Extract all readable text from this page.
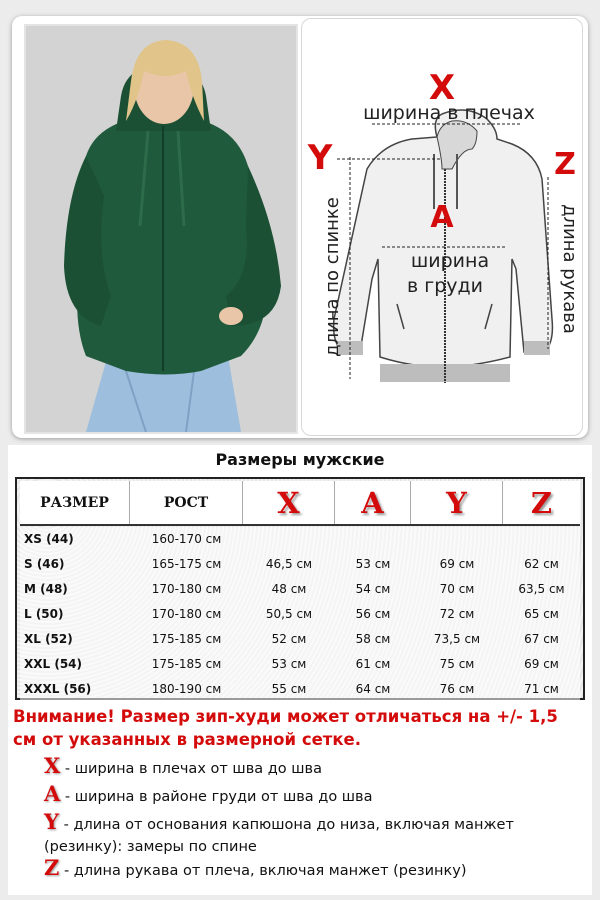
X
Y	Z
A
ширина в плечах
ширина
в груди
длина по спинке	длина рукава
Размеры мужские
РАЗМЕР	РОСТ	X	A	Y	Z
XS (44)	160-170 см
S (46)	165-175 см	46,5 см	53 см	69 см	62 см
M (48)	170-180 см	48 см	54 см	70 см	63,5 см
L (50)	170-180 см	50,5 см	56 см	72 см	65 см
XL (52)	175-185 см	52 см	58 см	73,5 см	67 см
XXL (54)	175-185 см	53 см	61 см	75 см	69 см
XXXL (56)	180-190 см	55 см	64 см	76 см	71 см
Внимание! Размер зип-худи может отличаться на +/- 1,5 см от указанных в размерной сетке.
X - ширина в плечах от шва до шва
A - ширина в районе груди от шва до шва
Y - длина от основания капюшона до низа, включая манжет (резинку): замеры по спине
Z - длина рукава от плеча, включая манжет (резинку)
